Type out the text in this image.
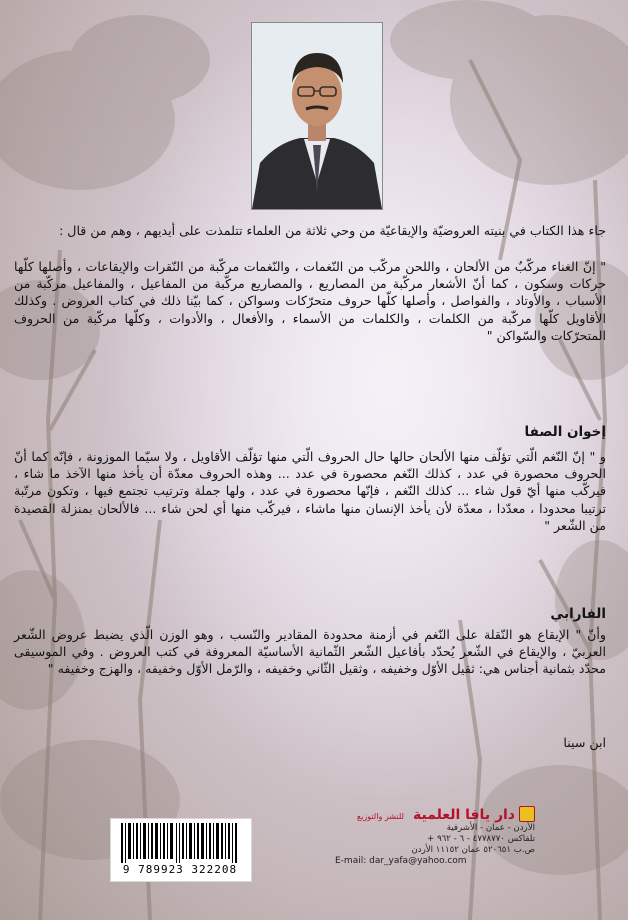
جاء هذا الكتاب في بنيته العروضيّة والإيقاعيّة من وحي ثلاثة من العلماء تتلمذت على أيديهم ، وهم من قال :

" إنّ الغناء مركّبٌ من الألحان ، واللحن مركّب من النّغمات ، والنّغمات مركّبة من النّقرات والإيقاعات ، وأصلها كلّها حركات وسكون ، كما أنّ الأشعار مركّبة من المصاريع ، والمصاريع مركّبة من المفاعيل ، والمفاعيل مركّبة من الأسباب ، والأوتاد ، والفواصل ، وأصلها كلّها حروف متحرّكات وسواكن ، كما بيّنا ذلك في كتاب العروض . وكذلك الأقاويل كلّها مركّبة من الكلمات ، والكلمات من الأسماء ، والأفعال ، والأدوات ، وكلّها مركّبة من الحروف المتحرّكات والسّواكن "

إخوان الصفا

و " إنّ النّغم الّتي تؤلّف منها الألحان حالها حال الحروف الّتي منها تؤلّف الأقاويل ، ولا سيّما الموزونة ، فإنّه كما أنّ الحروف محصورة في عدد ، كذلك النّغم محصورة في عدد ... وهذه الحروف معدّة أن يأخذ منها الآخذ ما شاء ، فيركّب منها أيّ قول شاء ... كذلك النّغم ، فإنّها محصورة في عدد ، ولها جملة وترتيب تجتمع فيها ، وتكون مرتّبة ترتيبا محدودا ، معدّدا ، معدّة لأن يأخذ الإنسان منها ماشاء ، فيركّب منها أي لحن شاء ... فالألحان بمنزلة القصيدة من الشّعر "

الفارابي

وأنّ " الإيقاع هو النّقلة على النّغم في أزمنة محدودة المقادير والنّسب ، وهو الوزن الّذي يضبط عروض الشّعر العربيّ ، والإيقاع في الشّعر يُحدّد بأفاعيل الشّعر الثّمانية الأساسيّة المعروفة في كتب العروض . وفي الموسيقى محدّد بثمانية أجناس هي: ثقيل الأوّل وخفيفه ، وثقيل الثّاني وخفيفه ، والرّمل الأوّل وخفيفه ، والهزج وخفيفه "

ابن سينا

9 789923 322208
دار يافا العلمية للنشر والتوزيع
الأردن - عمان - الأشرفية
تلفاكس ٤٧٧٨٧٧٠ - ٦ - ٩٦٢ +
ص.ب ٥٢٠٦٥١ عمان ١١١٥٢ الأردن
E-mail: dar_yafa@yahoo.com
